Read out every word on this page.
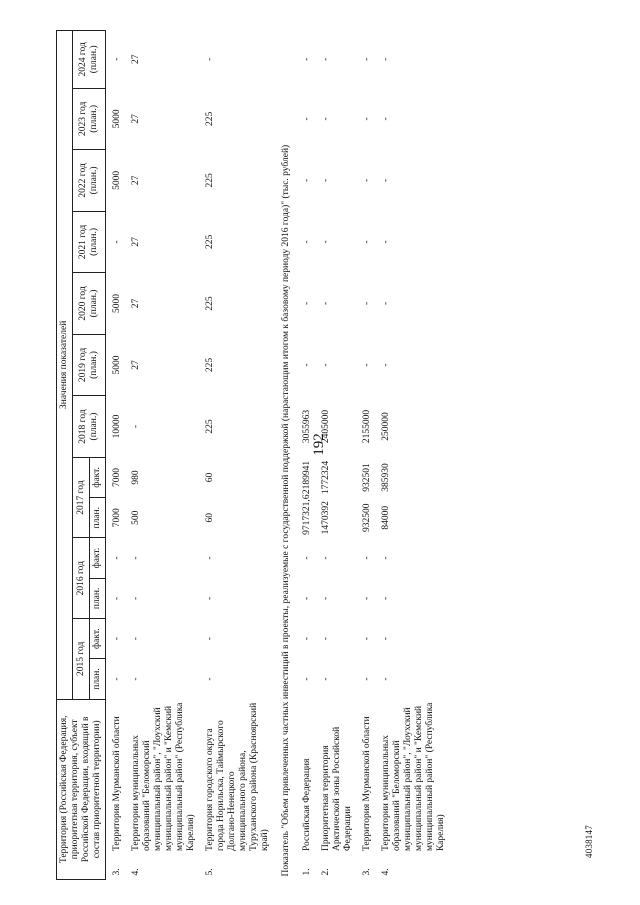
192
4038147
Территория (Российская Федерация, приоритетная территория, субъект Российской Федерации, входящий в состав приоритетной территории)		Значения показателей												
		2015 год		2016 год		2017 год		2018 год (план.)	2019 год (план.)	2020 год (план.)	2021 год (план.)	2022 год (план.)	2023 год (план.)	2024 год (план.)
		план.	факт.	план.	факт.	план.	факт.							
3.	Территория Мурманской области	-	-	-	-	7000	7000	10000	5000	5000	-	5000	5000	-
4.	Территории муниципальных образований "Беломорский муниципальный район", "Лоухский муниципальный район" и "Кемский муниципальный район" (Республика Карелия)	-	-	-	-	500	980	-	27	27	27	27	27	27
5.	Территория городского округа города Норильска, Таймырского Долгано-Ненецкого муниципального района, Туруханского района (Красноярский край)	-	-	-	-	60	60	225	225	225	225	225	225	-
Показатель "Объем привлеченных частных инвестиций в проекты, реализуемые с государственной поддержкой (нарастающим итогом к базовому периоду 2016 года)" (тыс. рублей)														
1.	Российская Федерация	-	-	-	-	9717321,6	2189941	3055963	-	-	-	-	-	-
2.	Приоритетная территория Арктической зоны Российской Федерации	-	-	-	-	1470392	1772324	2405000	-	-	-	-	-	-
3.	Территория Мурманской области	-	-	-	-	932500	932501	2155000	-	-	-	-	-	-
4.	Территории муниципальных образований "Беломорский муниципальный район", "Лоухский муниципальный район" и "Кемский муниципальный район" (Республика Карелия)	-	-	-	-	84000	385930	250000	-	-	-	-	-	-
